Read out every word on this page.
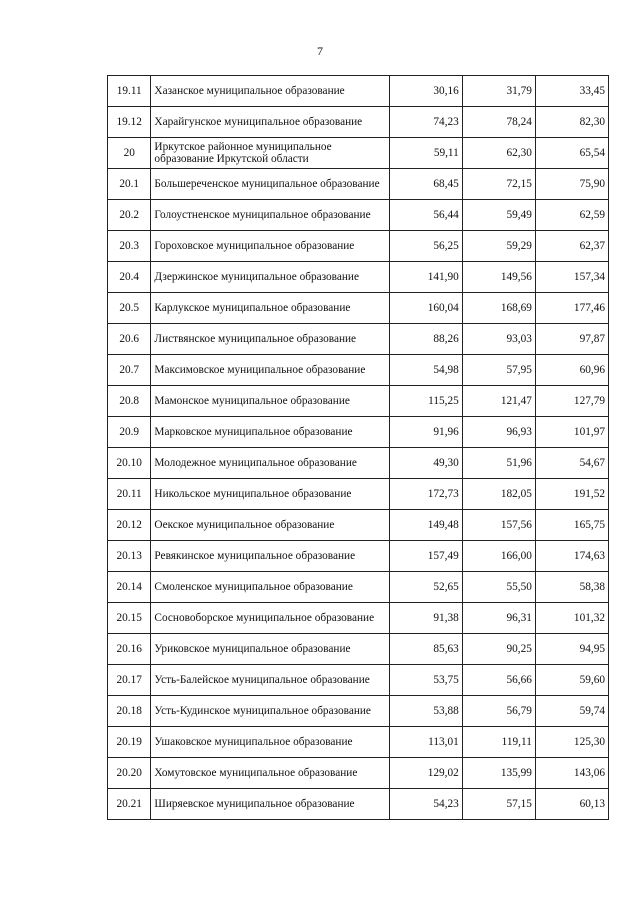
7
19.11	Хазанское муниципальное образование	30,16	31,79	33,45
19.12	Харайгунское муниципальное образование	74,23	78,24	82,30
20	Иркутское районное муниципальное образование Иркутской области	59,11	62,30	65,54
20.1	Большереченское муниципальное образование	68,45	72,15	75,90
20.2	Голоустненское муниципальное образование	56,44	59,49	62,59
20.3	Гороховское муниципальное образование	56,25	59,29	62,37
20.4	Дзержинское муниципальное образование	141,90	149,56	157,34
20.5	Карлукское муниципальное образование	160,04	168,69	177,46
20.6	Листвянское муниципальное образование	88,26	93,03	97,87
20.7	Максимовское муниципальное образование	54,98	57,95	60,96
20.8	Мамонское муниципальное образование	115,25	121,47	127,79
20.9	Марковское муниципальное образование	91,96	96,93	101,97
20.10	Молодежное муниципальное образование	49,30	51,96	54,67
20.11	Никольское муниципальное образование	172,73	182,05	191,52
20.12	Оекское муниципальное образование	149,48	157,56	165,75
20.13	Ревякинское муниципальное образование	157,49	166,00	174,63
20.14	Смоленское муниципальное образование	52,65	55,50	58,38
20.15	Сосновоборское муниципальное образование	91,38	96,31	101,32
20.16	Уриковское муниципальное образование	85,63	90,25	94,95
20.17	Усть-Балейское муниципальное образование	53,75	56,66	59,60
20.18	Усть-Кудинское муниципальное образование	53,88	56,79	59,74
20.19	Ушаковское муниципальное образование	113,01	119,11	125,30
20.20	Хомутовское муниципальное образование	129,02	135,99	143,06
20.21	Ширяевское муниципальное образование	54,23	57,15	60,13
